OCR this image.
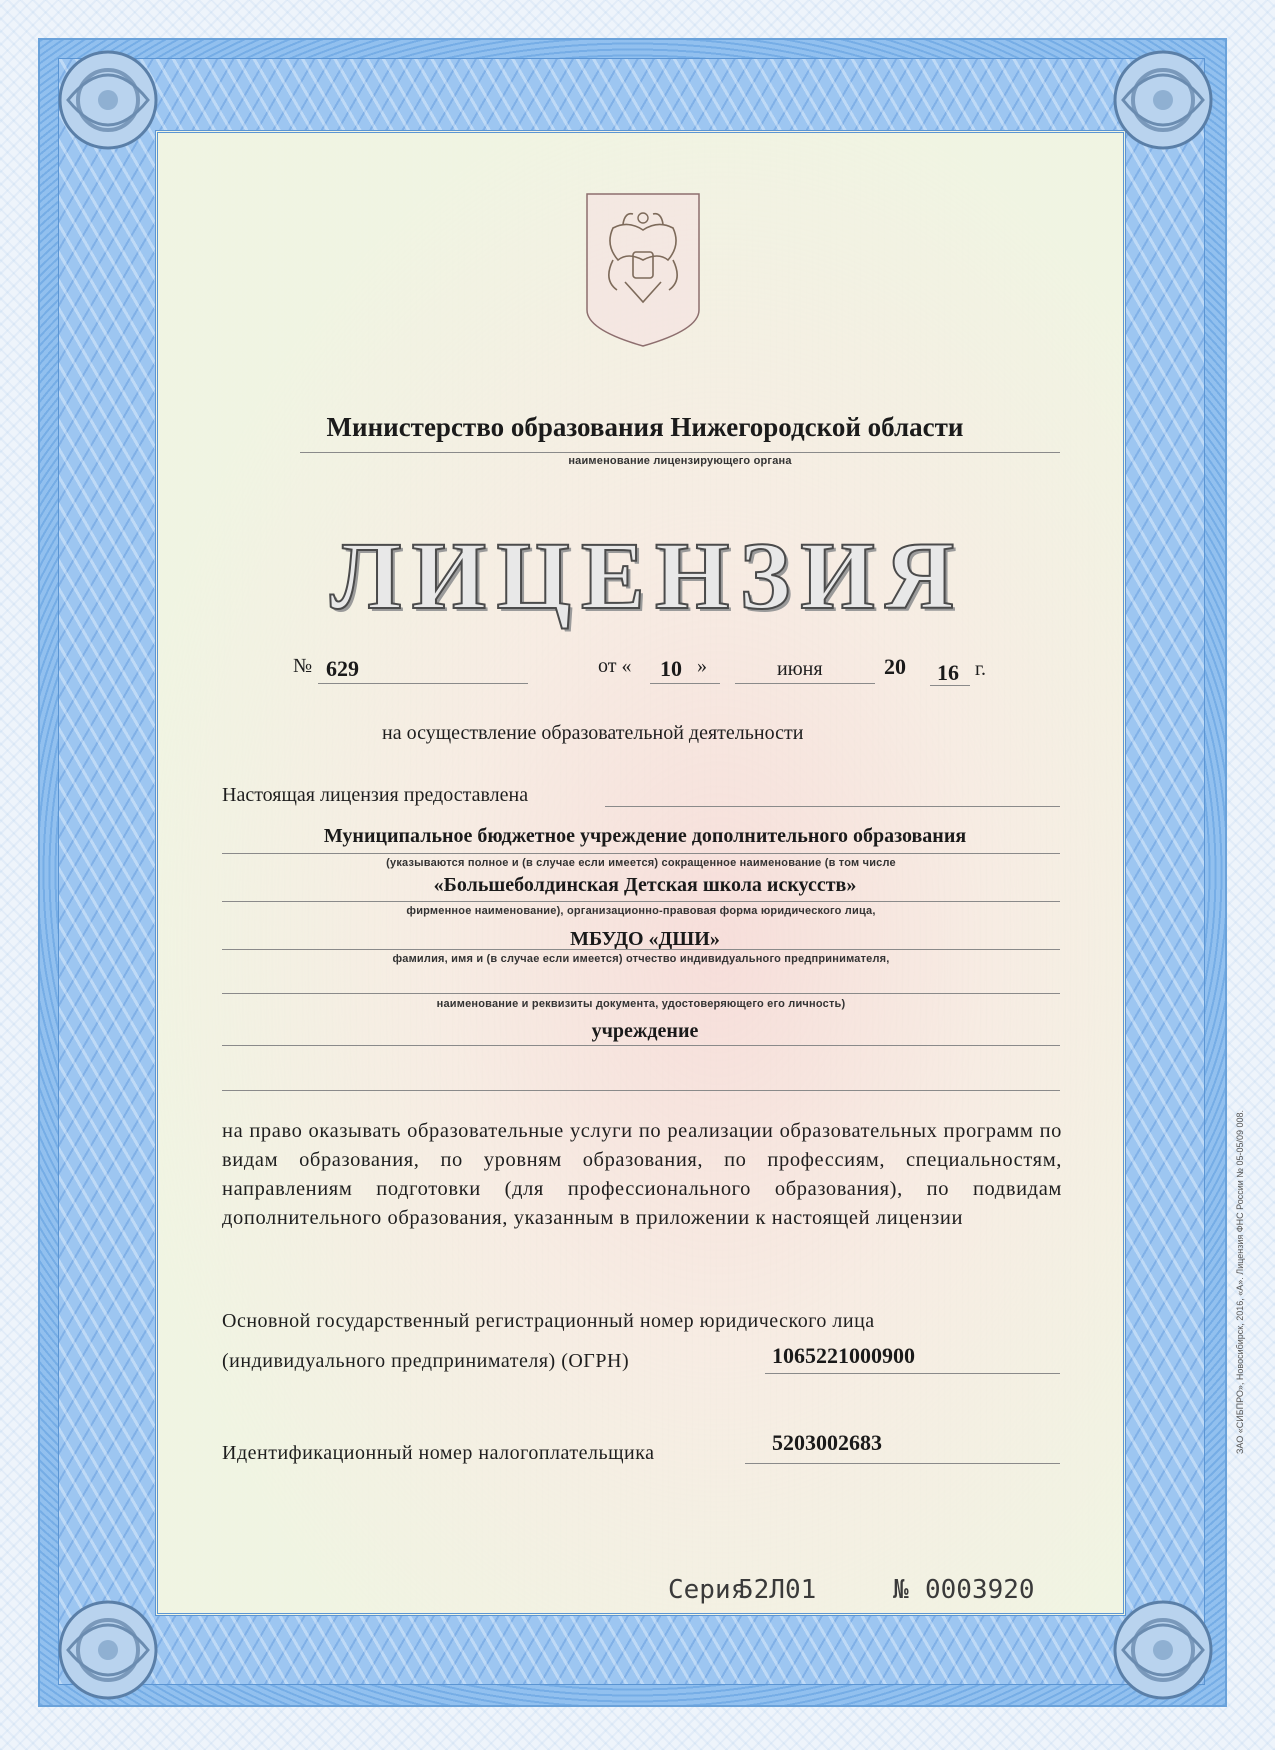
ЗАО «СИБПРО», Новосибирск, 2016, «А». Лицензия ФНС России № 05-05/09 008.
Министерство образования Нижегородской области
наименование лицензирующего органа
ЛИЦЕНЗИЯ
№ 629	от « 10 »	июня	20 16 г.
на осуществление образовательной деятельности
Настоящая лицензия предоставлена
Муниципальное бюджетное учреждение дополнительного образования
(указываются полное и (в случае если имеется) сокращенное наименование (в том числе
«Большеболдинская Детская школа искусств»
фирменное наименование), организационно-правовая форма юридического лица,
МБУДО «ДШИ»
фамилия, имя и (в случае если имеется) отчество индивидуального предпринимателя,
наименование и реквизиты документа, удостоверяющего его личность)
учреждение
на право оказывать образовательные услуги по реализации образовательных программ по видам образования, по уровням образования, по профессиям, специальностям, направлениям подготовки (для профессионального образования), по подвидам дополнительного образования, указанным в приложении к настоящей лицензии
Основной государственный регистрационный номер юридического лица
(индивидуального предпринимателя) (ОГРН)	1065221000900
Идентификационный номер налогоплательщика	5203002683
Серия
52Л01	№ 0003920
